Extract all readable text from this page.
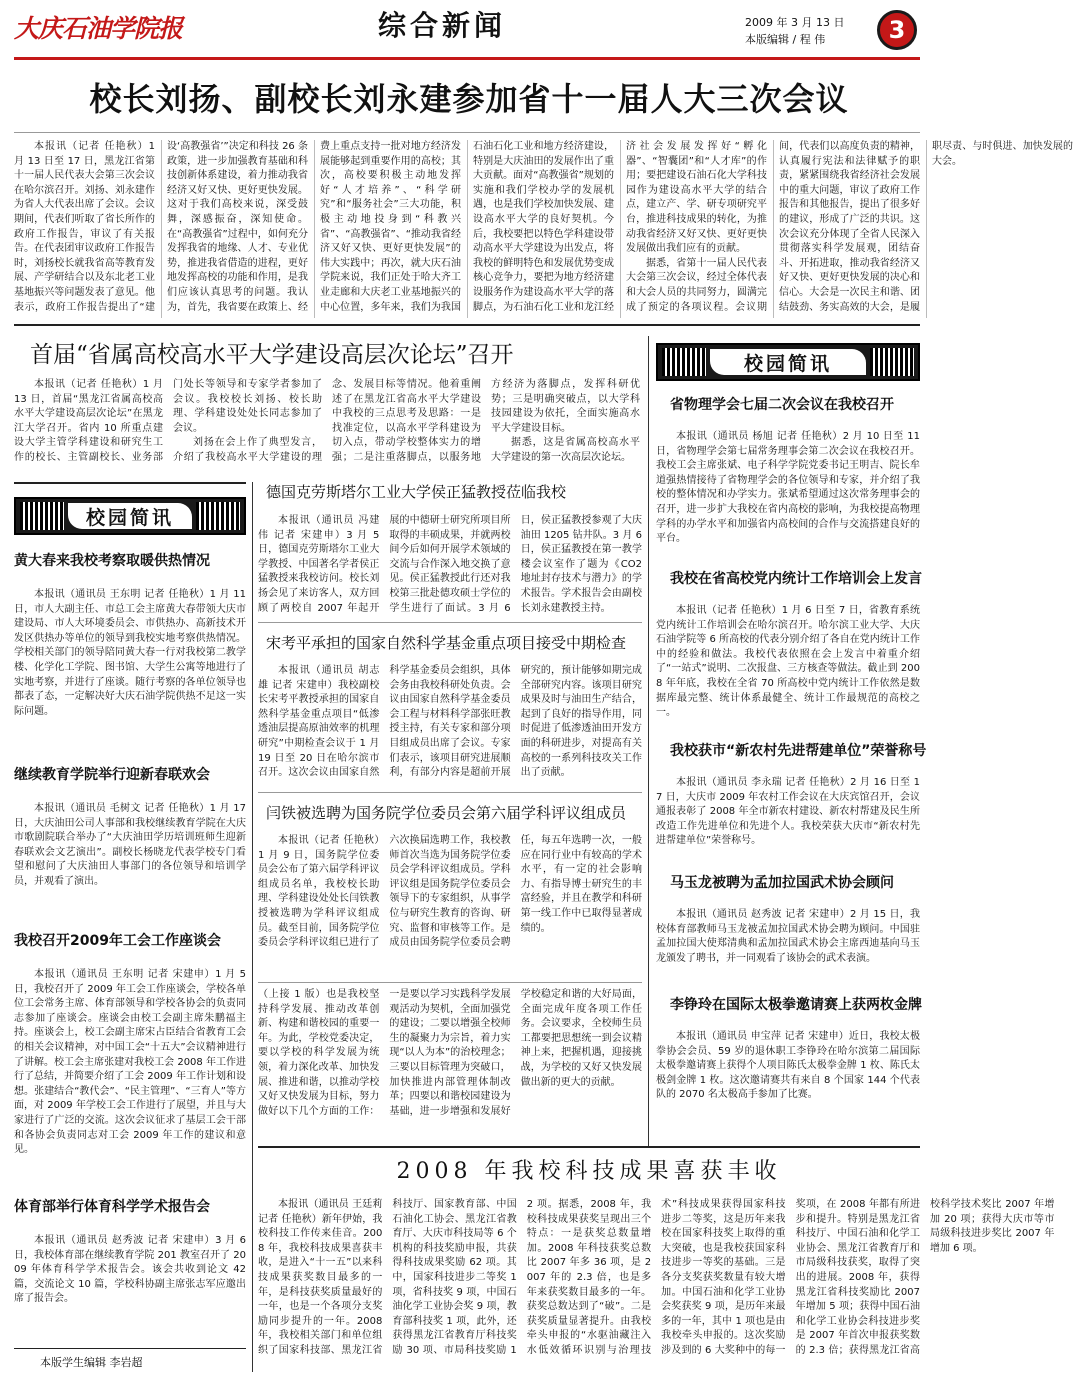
大庆石油学院报	综合新闻	2009 年 3 月 13 日
本版编辑 / 程 伟	3
校长刘扬、副校长刘永建参加省十一届人大三次会议

本报讯（记者 任艳秋）1 月 13 日至 17 日，黑龙江省第十一届人民代表大会第三次会议在哈尔滨召开。刘扬、刘永建作为省人大代表出席了会议。会议期间，代表们听取了省长所作的政府工作报告，审议了有关报告。在代表团审议政府工作报告时，刘扬校长就我省高等教育发展、产学研结合以及东北老工业基地振兴等问题发表了意见。他表示，政府工作报告提出了“建设‘高教强省’”决定和科技 26 条政策，进一步加强教育基础和科技创新体系建设，着力推动我省经济又好又快、更好更快发展。这对于我们高校来说，深受鼓舞，深感振奋，深知使命。在“高教强省”过程中，如何充分发挥我省的地缘、人才、专业优势，推进我省借造的进程，更好地发挥高校的功能和作用，是我们应该认真思考的问题。我认为，首先，我省要在政策上、经费上重点支持一批对地方经济发展能够起到重要作用的高校；其次，高校要积极主动地发挥好“人才培养”、“科学研究”和“服务社会”三大功能，积极主动地投身到“科教兴省”、“高教强省”、“推动我省经济又好又快、更好更快发展”的伟大实践中；再次，就大庆石油学院来说，我们正处于哈大齐工业走廊和大庆老工业基地振兴的中心位置，多年来，我们为我国石油石化工业和地方经济建设，特别是大庆油田的发展作出了重大贡献。面对“高教强省”规划的实施和我们学校办学的发展机遇，也是我们学校加快发展、建设高水平大学的良好契机。今后，我校要把以特色学科建设带动高水平大学建设为出发点，将我校的鲜明特色和发展优势变成核心竞争力，要把为地方经济建设服务作为建设高水平大学的落脚点，为石油石化工业和龙江经济社会发展发挥好“孵化器”、“智囊团”和“人才库”的作用；要把建设石油石化大学科技园作为建设高水平大学的结合点，建立产、学、研专项研究平台，推进科技成果的转化，为推动我省经济又好又快、更好更快发展做出我们应有的贡献。

据悉，省第十一届人民代表大会第三次会议，经过全体代表和大会人员的共同努力，圆满完成了预定的各项议程。会议期间，代表们以高度负责的精神，认真履行宪法和法律赋予的职责，紧紧围绕我省经济社会发展中的重大问题，审议了政府工作报告和其他报告，提出了很多好的建议，形成了广泛的共识。这次会议充分体现了全省人民深入贯彻落实科学发展观，团结奋斗、开拓进取，推动我省经济又好又快、更好更快发展的决心和信心。大会是一次民主和谐、团结鼓劲、务实高效的大会，是履职尽责、与时俱进、加快发展的大会。

首届“省属高校高水平大学建设高层次论坛”召开

本报讯（记者 任艳秋）1 月 13 日，首届“黑龙江省属高校高水平大学建设高层次论坛”在黑龙江大学召开。省内 10 所重点建设大学主管学科建设和研究生工作的校长、主管副校长、业务部门处长等领导和专家学者参加了会议。我校校长刘扬、校长助理、学科建设处处长同志参加了会议。

刘扬在会上作了典型发言，介绍了我校高水平大学建设的理念、发展目标等情况。他着重阐述了在黑龙江省高水平大学建设中我校的三点思考及思路：一是找准定位，以高水平学科建设为切入点，带动学校整体实力的增强；二是注重落脚点，以服务地方经济为落脚点，发挥科研优势；三是明确突破点，以大学科技园建设为依托，全面实施高水平大学建设目标。

据悉，这是省属高校高水平大学建设的第一次高层次论坛。

校园简讯
校园简讯
黄大春来我校考察取暖供热情况
本报讯（通讯员 王东明 记者 任艳秋）1 月 11 日，市人大副主任、市总工会主席黄大春带领大庆市建设局、市人大环境委员会、市供热办、高新技术开发区供热办等单位的领导到我校实地考察供热情况。学校相关部门的领导陪同黄大春一行对我校第二教学楼、化学化工学院、图书馆、大学生公寓等地进行了实地考察，并进行了座谈。随行考察的各单位领导也都表了态，一定解决好大庆石油学院供热不足这一实际问题。
继续教育学院举行迎新春联欢会
本报讯（通讯员 毛树文 记者 任艳秋）1 月 17 日，大庆油田公司人事部和我校继续教育学院在大庆市歌剧院联合举办了“大庆油田学历培训班师生迎新春联欢会文艺演出”。副校长杨晓龙代表学校专门看望和慰问了大庆油田人事部门的各位领导和培训学员，并观看了演出。
我校召开2009年工会工作座谈会
本报讯（通讯员 王东明 记者 宋建申）1 月 5 日，我校召开了 2009 年工会工作座谈会，学校各单位工会常务主席、体育部领导和学校各协会的负责同志参加了座谈会。座谈会由校工会副主席朱鹏福主持。座谈会上，校工会副主席宋占臣结合省教育工会的相关会议精神，对中国工会“十五大”会议精神进行了讲解。校工会主席张建对我校工会 2008 年工作进行了总结，并简要介绍了工会 2009 年工作计划和设想。张建结合“教代会”、“民主管理”、“三育人”等方面，对 2009 年学校工会工作进行了展望，并且与大家进行了广泛的交流。这次会议征求了基层工会干部和各协会负责同志对工会 2009 年工作的建议和意见。
体育部举行体育科学学术报告会
本报讯（通讯员 赵秀波 记者 宋建申）3 月 6 日，我校体育部在继续教育学院 201 教室召开了 2009 年体育科学学术报告会。该会共收到论文 42 篇，交流论文 10 篇，学校科协副主席张志军应邀出席了报告会。
本版学生编辑 李岩超
德国克劳斯塔尔工业大学侯正猛教授莅临我校
本报讯（通讯员 冯建伟 记者 宋建申）3 月 5 日，德国克劳斯塔尔工业大学教授、中国著名学者侯正猛教授来我校访问。校长刘扬会见了来访客人，双方回顾了两校自 2007 年起开展的中德研士研究所项目所取得的丰硕成果，并就两校间今后如何开展学术领域的交流与合作深入地交换了意见。侯正猛教授此行还对我校第三批赴德攻硕士学位的学生进行了面试。3 月 6 日，侯正猛教授参观了大庆油田 1205 钻井队。3 月 6 日，侯正猛教授在第一教学楼会议室作了题为《CO2 地址封存技术与潜力》的学术报告。学术报告会由副校长刘永建教授主持。
宋考平承担的国家自然科学基金重点项目接受中期检查
本报讯（通讯员 胡志雄 记者 宋建申）我校副校长宋考平教授承担的国家自然科学基金重点项目“低渗透油层提高原油效率的机理研究”中期检查会议于 1 月 19 日至 20 日在哈尔滨市召开。这次会议由国家自然科学基金委员会组织，具体会务由我校科研处负责。会议由国家自然科学基金委员会工程与材料科学部张旺教授主持，有关专家和部分项目组成员出席了会议。专家们表示，该项目研究进展顺利，有部分内容是超前开展研究的，预计能够如期完成全部研究内容。该项目研究成果及时与油田生产结合，起到了良好的指导作用，同时促进了低渗透油田开发方面的科研进步，对提高有关高校的一系列科技攻关工作出了贡献。
闫铁被选聘为国务院学位委员会第六届学科评议组成员
本报讯（记者 任艳秋）1 月 9 日，国务院学位委员会公布了第六届学科评议组成员名单，我校校长助理、学科建设处处长闫铁教授被选聘为学科评议组成员。截至目前，国务院学位委员会学科评议组已进行了六次换届选聘工作，我校教师首次当选为国务院学位委员会学科评议组成员。学科评议组是国务院学位委员会领导下的专家组织，从事学位与研究生教育的咨询、研究、监督和审核等工作。是成员由国务院学位委员会聘任，每五年选聘一次，一般应在同行业中有较高的学术水平，有一定的社会影响力、有指导博士研究生的丰富经验，并且在教学和科研第一线工作中已取得显著成绩的。
（上接 1 版）也是我校坚持科学发展、推动改革创新、构建和谐校园的重要一年。为此，学校党委决定，要以学校的科学发展为统领，着力深化改革、加快发展、推进和谐，以推动学校又好又快发展为目标，努力做好以下几个方面的工作：一是要以学习实践科学发展观活动为契机，全面加强党的建设；二要以增强全校师生的凝聚力为宗旨，着力实现“以人为本”的治校理念；三要以目标管理为突破口，加快推进内部管理体制改革；四要以和谐校园建设为基础，进一步增强和发展好学校稳定和谐的大好局面，全面完成年度各项工作任务。会议要求，全校师生员工都要把思想统一到会议精神上来，把握机遇，迎接挑战，为学校的又好又快发展做出新的更大的贡献。
省物理学会七届二次会议在我校召开
本报讯（通讯员 杨旭 记者 任艳秋）2 月 10 日至 11 日，省物理学会第七届常务理事会第二次会议在我校召开。我校工会主席张斌、电子科学学院党委书记王明吉、院长牟道强热情接待了省物理学会的各位领导和专家，并介绍了我校的整体情况和办学实力。张斌希望通过这次常务理事会的召开，进一步扩大我校在省内高校的影响，为我校提高物理学科的办学水平和加强省内高校间的合作与交流搭建良好的平台。
我校在省高校党内统计工作培训会上发言
本报讯（记者 任艳秋）1 月 6 日至 7 日，省教育系统党内统计工作培训会在哈尔滨召开。哈尔滨工业大学、大庆石油学院等 6 所高校的代表分别介绍了各自在党内统计工作中的经验和做法。我校代表依照在会上发言中着重介绍了“一站式”说明、二次报盘、三方核查等做法。截止到 2008 年年底，我校在全省 70 所高校中党内统计工作依然是数据库最完整、统计体系最健全、统计工作最规范的高校之一。
我校获市“新农村先进帮建单位”荣誉称号
本报讯（通讯员 李永瑞 记者 任艳秋）2 月 16 日至 17 日，大庆市 2009 年农村工作会议在大庆宾馆召开，会议通报表彰了 2008 年全市新农村建设、新农村帮建及民生所改造工作先进单位和先进个人。我校荣获大庆市“新农村先进帮建单位”荣誉称号。
马玉龙被聘为孟加拉国武术协会顾问
本报讯（通讯员 赵秀波 记者 宋建申）2 月 15 日，我校体育部教师马玉龙被孟加拉国武术协会聘为顾问。中国驻孟加拉国大使郑清典和孟加拉国武术协会主席西迪基向马玉龙颁发了聘书，并一同观看了该协会的武术表演。
李铮玲在国际太极拳邀请赛上获两枚金牌
本报讯（通讯员 申宝萍 记者 宋建申）近日，我校太极拳协会会员、59 岁的退休职工李铮玲在哈尔滨第二届国际太极拳邀请赛上获得个人项目陈氏太极拳金牌 1 枚、陈氏太极剑金牌 1 枚。这次邀请赛共有来自 8 个国家 144 个代表队的 2070 名太极高手参加了比赛。
2008 年我校科技成果喜获丰收
本报讯（通讯员 王廷莉 记者 任艳秋）新年伊始，我校科技工作传来佳音。2008 年，我校科技成果喜获丰收，是进入“十一五”以来科技成果获奖数目最多的一年，是科技获奖质量最好的一年，也是一个各项分支奖励同步提升的一年。2008 年，我校相关部门和单位组织了国家科技部、黑龙江省科技厅、国家教育部、中国石油化工协会、黑龙江省教育厅、大庆市科技局等 6 个机构的科技奖励申报，共获得科技成果奖励 62 项。其中，国家科技进步二等奖 1 项，省科技奖 9 项，中国石油化学工业协会奖 9 项，教育部科技奖 1 项，此外，还获得黑龙江省教育厅科技奖励 30 项、市局科技奖励 12 项。据悉，2008 年，我校科技成果获奖呈现出三个特点：一是获奖总数量增加。2008 年科技获奖总数比 2007 年多 36 项，是 2007 年的 2.3 倍，也是多年来获奖数目最多的一年。获奖总数达到了“破”。二是获奖质量显著提升。由我校牵头申报的“水驱油藏注入水低效循环识别与治理技术”科技成果获得国家科技进步二等奖，这是历年来我校在国家科技奖上取得的重大突破，也是我校获国家科技进步一等奖的基础。三是各分支奖获奖数量有较大增加。中国石油和化学工业协会奖获奖 9 项，是历年来最多的一年，其中 1 项也是由我校牵头申报的。这次奖励涉及到的 6 大奖种中的每一奖项，在 2008 年都有所进步和提升。特别是黑龙江省科技厅、中国石油和化学工业协会、黑龙江省教育厅和市局级科技获奖，取得了突出的进展。2008 年，获得黑龙江省科技奖励比 2007 年增加 5 项；获得中国石油和化学工业协会科技进步奖是 2007 年首次申报获奖数的 2.3 倍；获得黑龙江省高校科学技术奖比 2007 年增加 20 项；获得大庆市等市局级科技进步奖比 2007 年增加 6 项。
